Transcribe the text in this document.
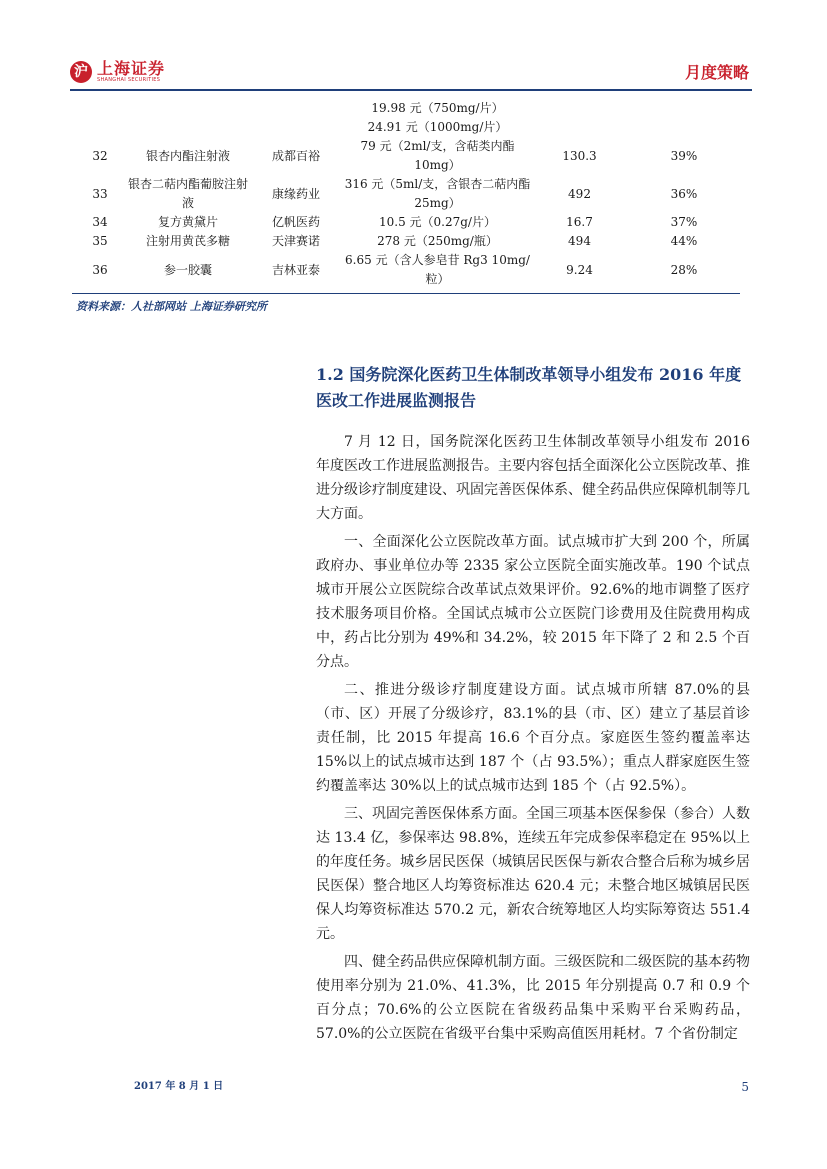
沪 上海证券
SHANGHAI SECURITIES	月度策略
			19.98 元（750mg/片）		
			24.91 元（1000mg/片）		
32	银杏内酯注射液	成都百裕	79 元（2ml/支，含萜类内酯 10mg）	130.3	39%
33	银杏二萜内酯葡胺注射液	康缘药业	316 元（5ml/支，含银杏二萜内酯 25mg）	492	36%
34	复方黄黛片	亿帆医药	10.5 元（0.27g/片）	16.7	37%
35	注射用黄芪多糖	天津赛诺	278 元（250mg/瓶）	494	44%
36	参一胶囊	吉林亚泰	6.65 元（含人参皂苷 Rg3 10mg/粒）	9.24	28%
资料来源：人社部网站 上海证券研究所
1.2 国务院深化医药卫生体制改革领导小组发布 2016 年度医改工作进展监测报告

7 月 12 日，国务院深化医药卫生体制改革领导小组发布 2016 年度医改工作进展监测报告。主要内容包括全面深化公立医院改革、推进分级诊疗制度建设、巩固完善医保体系、健全药品供应保障机制等几大方面。

一、全面深化公立医院改革方面。试点城市扩大到 200 个，所属政府办、事业单位办等 2335 家公立医院全面实施改革。190 个试点城市开展公立医院综合改革试点效果评价。92.6%的地市调整了医疗技术服务项目价格。全国试点城市公立医院门诊费用及住院费用构成中，药占比分别为 49%和 34.2%，较 2015 年下降了 2 和 2.5 个百分点。

二、推进分级诊疗制度建设方面。试点城市所辖 87.0%的县（市、区）开展了分级诊疗，83.1%的县（市、区）建立了基层首诊责任制，比 2015 年提高 16.6 个百分点。家庭医生签约覆盖率达 15%以上的试点城市达到 187 个（占 93.5%）；重点人群家庭医生签约覆盖率达 30%以上的试点城市达到 185 个（占 92.5%）。

三、巩固完善医保体系方面。全国三项基本医保参保（参合）人数达 13.4 亿，参保率达 98.8%，连续五年完成参保率稳定在 95%以上的年度任务。城乡居民医保（城镇居民医保与新农合整合后称为城乡居民医保）整合地区人均筹资标准达 620.4 元；未整合地区城镇居民医保人均筹资标准达 570.2 元，新农合统筹地区人均实际筹资达 551.4 元。

四、健全药品供应保障机制方面。三级医院和二级医院的基本药物使用率分别为 21.0%、41.3%，比 2015 年分别提高 0.7 和 0.9 个百分点；70.6%的公立医院在省级药品集中采购平台采购药品，57.0%的公立医院在省级平台集中采购高值医用耗材。7 个省份制定

2017 年 8 月 1 日	5
